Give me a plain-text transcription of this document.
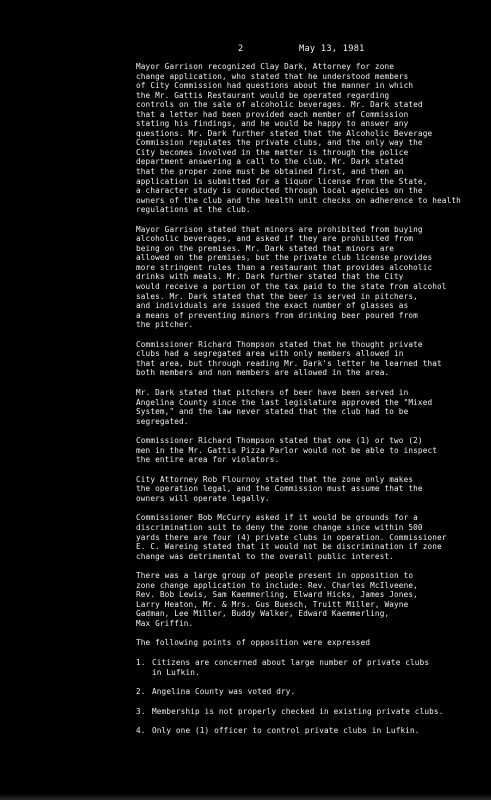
2	May 13, 1981

Mayor Garrison recognized Clay Dark, Attorney for zone
change application, who stated that he understood members
of City Commission had questions about the manner in which
the Mr. Gattis Restaurant would be operated regarding
controls on the sale of alcoholic beverages. Mr. Dark stated
that a letter had been provided each member of Commission
stating his findings, and he would be happy to answer any
questions. Mr. Dark further stated that the Alcoholic Beverage
Commission regulates the private clubs, and the only way the
City becomes involved in the matter is through the police
department answering a call to the club. Mr. Dark stated
that the proper zone must be obtained first, and then an
application is submitted for a liquor license from the State,
a character study is conducted through local agencies on the
owners of the club and the health unit checks on adherence to health
regulations at the club.

Mayor Garrison stated that minors are prohibited from buying
alcoholic beverages, and asked if they are prohibited from
being on the premises. Mr. Dark stated that minors are
allowed on the premises, but the private club license provides
more stringent rules than a restaurant that provides alcoholic
drinks with meals. Mr. Dark further stated that the City
would receive a portion of the tax paid to the state from alcohol
sales. Mr. Dark stated that the beer is served in pitchers,
and individuals are issued the exact number of glasses as
a means of preventing minors from drinking beer poured from
the pitcher.

Commissioner Richard Thompson stated that he thought private
clubs had a segregated area with only members allowed in
that area, but through reading Mr. Dark's letter he learned that
both members and non members are allowed in the area.

Mr. Dark stated that pitchers of beer have been served in
Angelina County since the last legislature approved the "Mixed
System," and the law never stated that the club had to be
segregated.

Commissioner Richard Thompson stated that one (1) or two (2)
men in the Mr. Gattis Pizza Parlor would not be able to inspect
the entire area for violators.

City Attorney Rob Flournoy stated that the zone only makes
the operation legal, and the Commission must assume that the
owners will operate legally.

Commissioner Bob McCurry asked if it would be grounds for a
discrimination suit to deny the zone change since within 500
yards there are four (4) private clubs in operation. Commissioner
E. C. Wareing stated that it would not be discrimination if zone
change was detrimental to the overall public interest.

There was a large group of people present in opposition to
zone change application to include: Rev. Charles McIlveene,
Rev. Bob Lewis, Sam Kaemmerling, Elward Hicks, James Jones,
Larry Heaton, Mr. & Mrs. Gus Buesch, Truitt Miller, Wayne
Gadman, Lee Miller, Buddy Walker, Edward Kaemmerling,
Max Griffin.

The following points of opposition were expressed

1. Citizens are concerned about large number of private clubs
in Lufkin.
2. Angelina County was voted dry.
3. Membership is not properly checked in existing private clubs.
4. Only one (1) officer to control private clubs in Lufkin.
